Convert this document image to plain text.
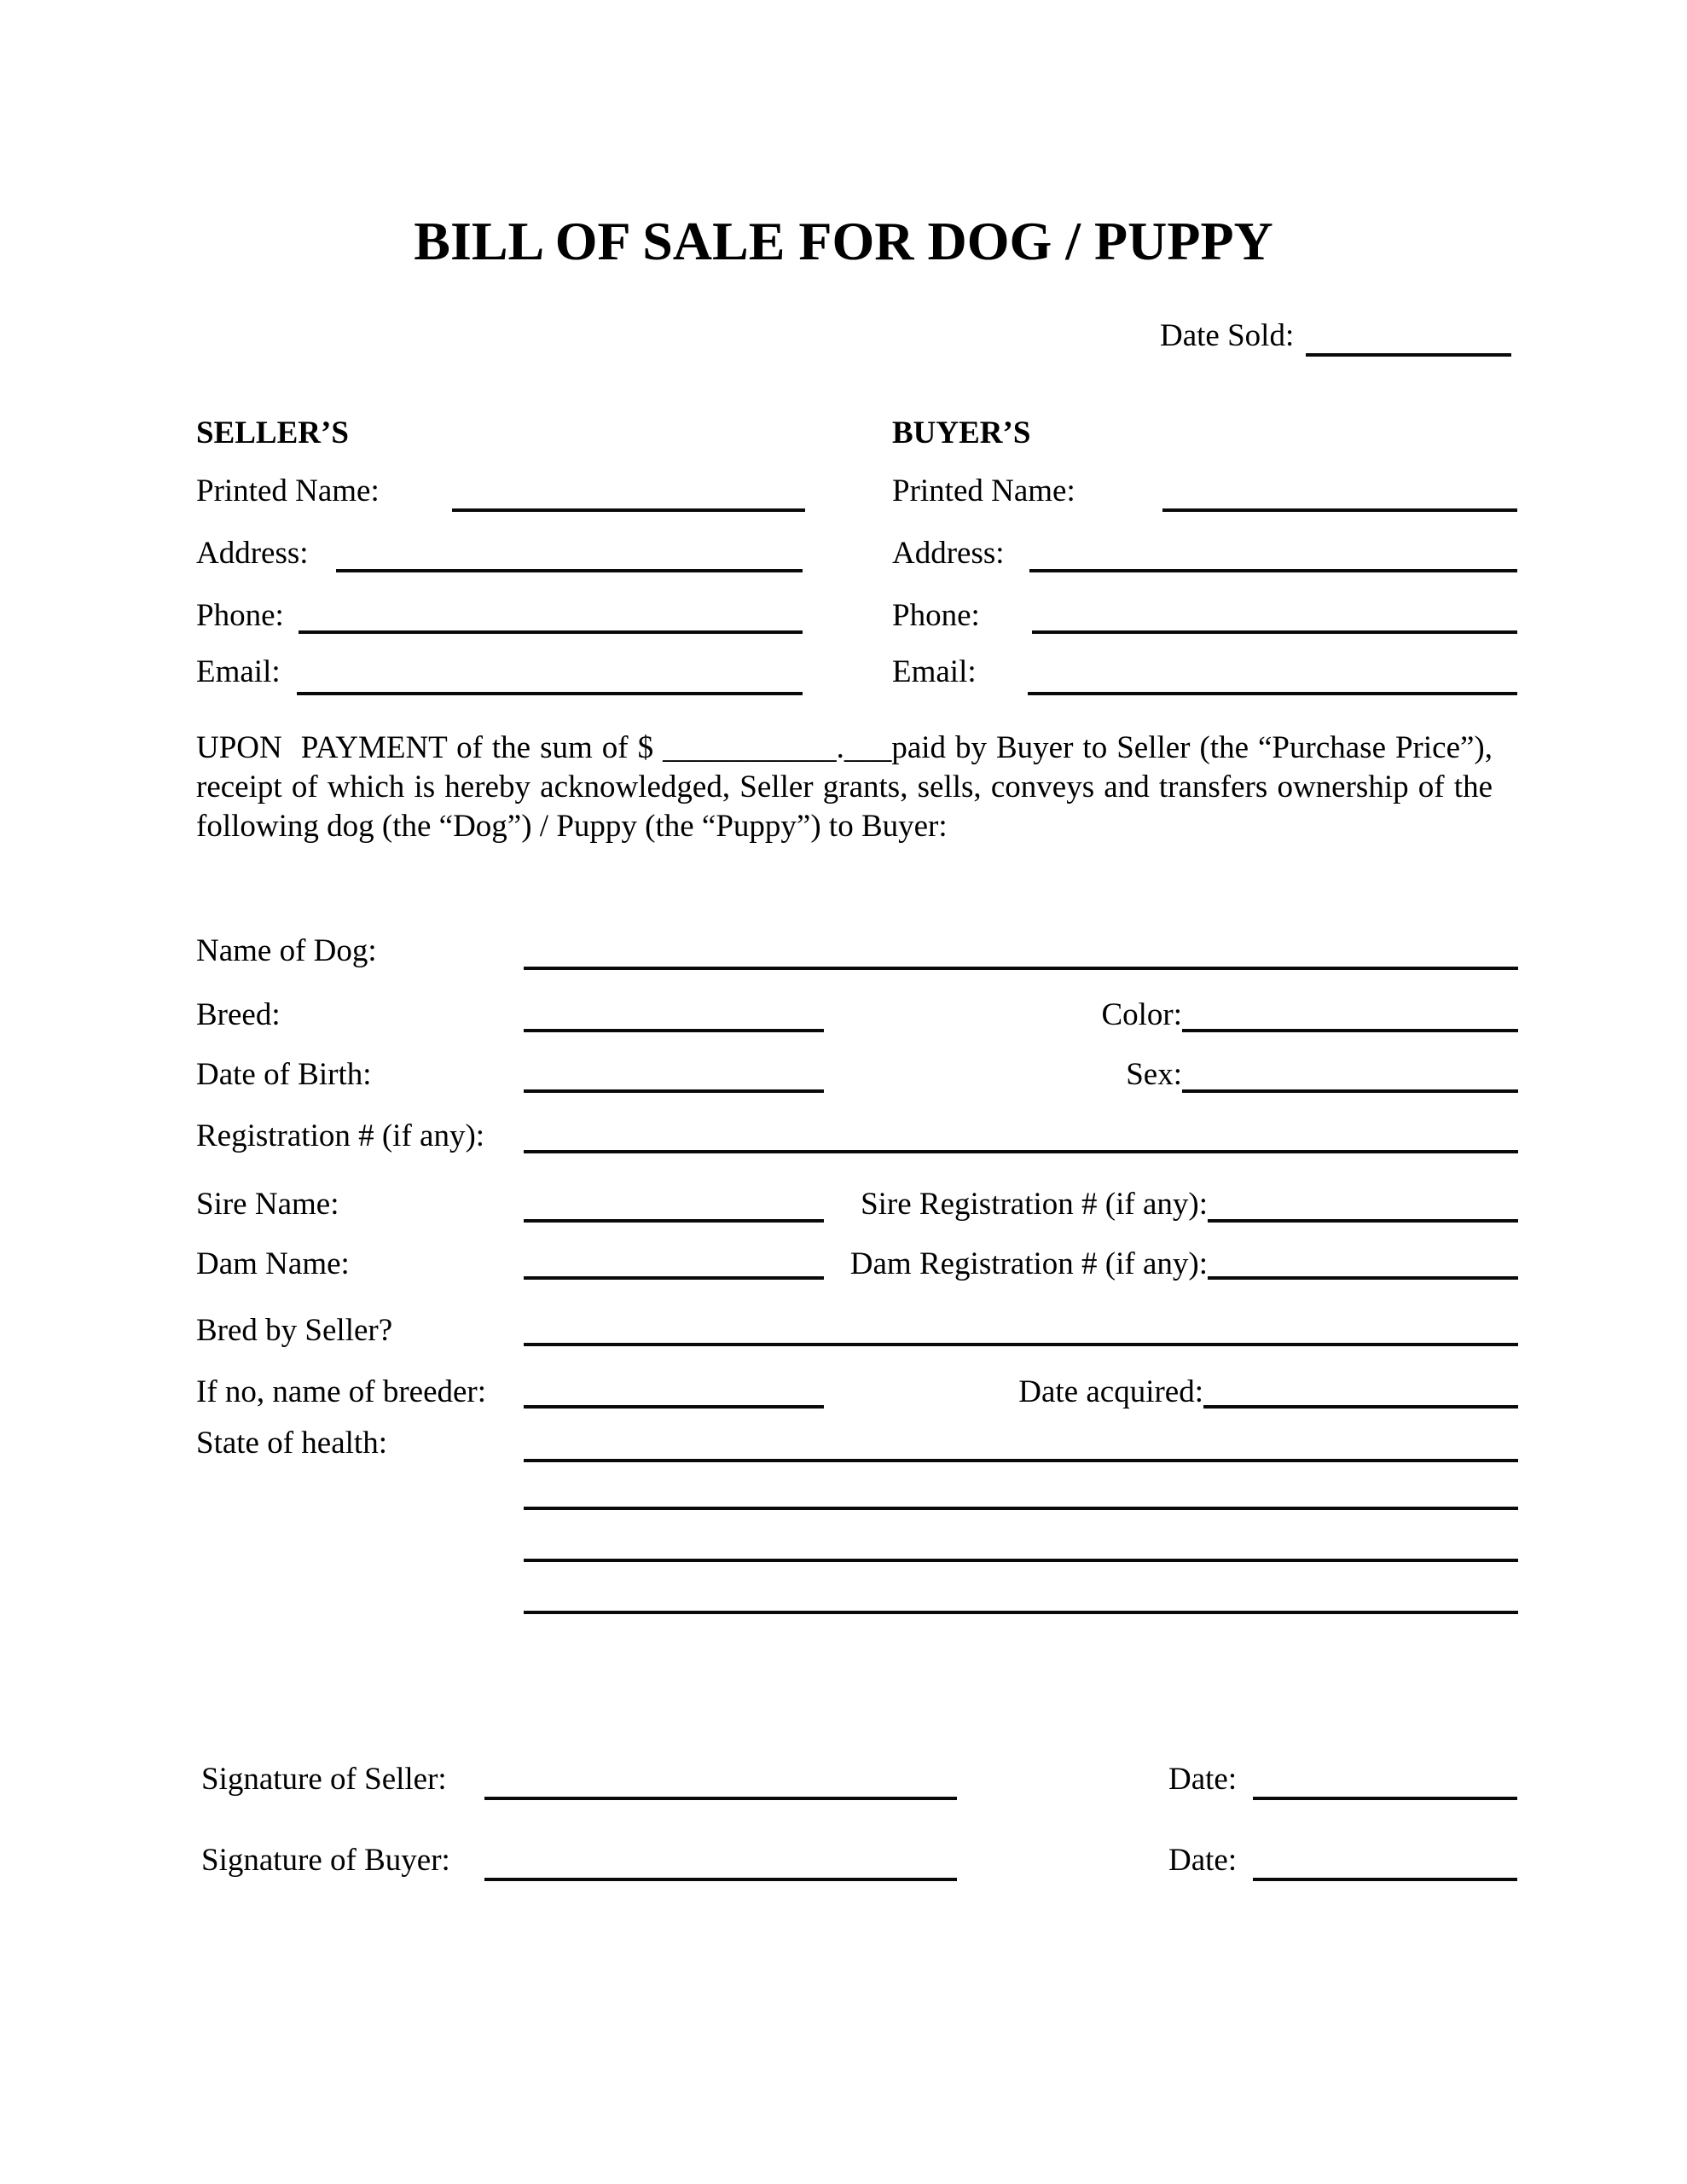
BILL OF SALE FOR DOG / PUPPY
Date Sold:
SELLER’S
Printed Name:
Address:
Phone:
Email:
BUYER’S
Printed Name:
Address:
Phone:
Email:
UPON  PAYMENT of the sum of $ ___________.___paid by Buyer to Seller (the “Purchase Price”),
receipt of which is hereby acknowledged, Seller grants, sells, conveys and transfers ownership of the
following dog (the “Dog”) / Puppy (the “Puppy”) to Buyer:
Name of Dog:
Breed:	Color:
Date of Birth:	Sex:
Registration # (if any):
Sire Name:	Sire Registration # (if any):
Dam Name:	Dam Registration # (if any):
Bred by Seller?
If no, name of breeder:	Date acquired:
State of health:
Signature of Seller:	Date:
Signature of Buyer:	Date:
